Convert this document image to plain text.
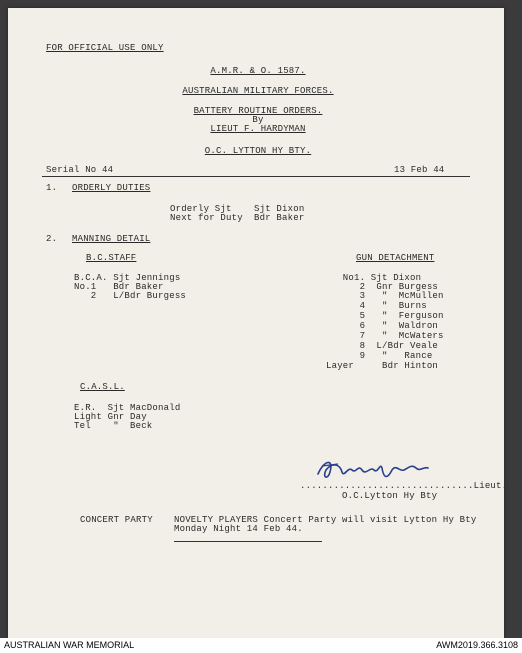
FOR OFFICIAL USE ONLY
A.M.R. & O. 1587.
AUSTRALIAN MILITARY FORCES.
BATTERY ROUTINE ORDERS.
By
LIEUT F. HARDYMAN
O.C. LYTTON HY BTY.
Serial No 44	13 Feb 44
1. ORDERLY DUTIES
Orderly Sjt    Sjt Dixon
Next for Duty  Bdr Baker
2. MANNING DETAIL
B.C.STAFF
B.C.A. Sjt Jennings
No.1   Bdr Baker
2   L/Bdr Burgess
GUN DETACHMENT
No1. Sjt Dixon
2  Gnr Burgess
3   "  McMullen
4   "  Burns
5   "  Ferguson
6   "  Waldron
7   "  McWaters
8  L/Bdr Veale
9   "   Rance
Layer     Bdr Hinton
C.A.S.L.
E.R.  Sjt MacDonald
Light Gnr Day
Tel    "  Beck
...............................Lieut.
O.C.Lytton Hy Bty
CONCERT PARTY NOVELTY PLAYERS Concert Party will visit Lytton Hy Bty
Monday Night 14 Feb 44.
AUSTRALIAN WAR MEMORIAL	AWM2019.366.3108
